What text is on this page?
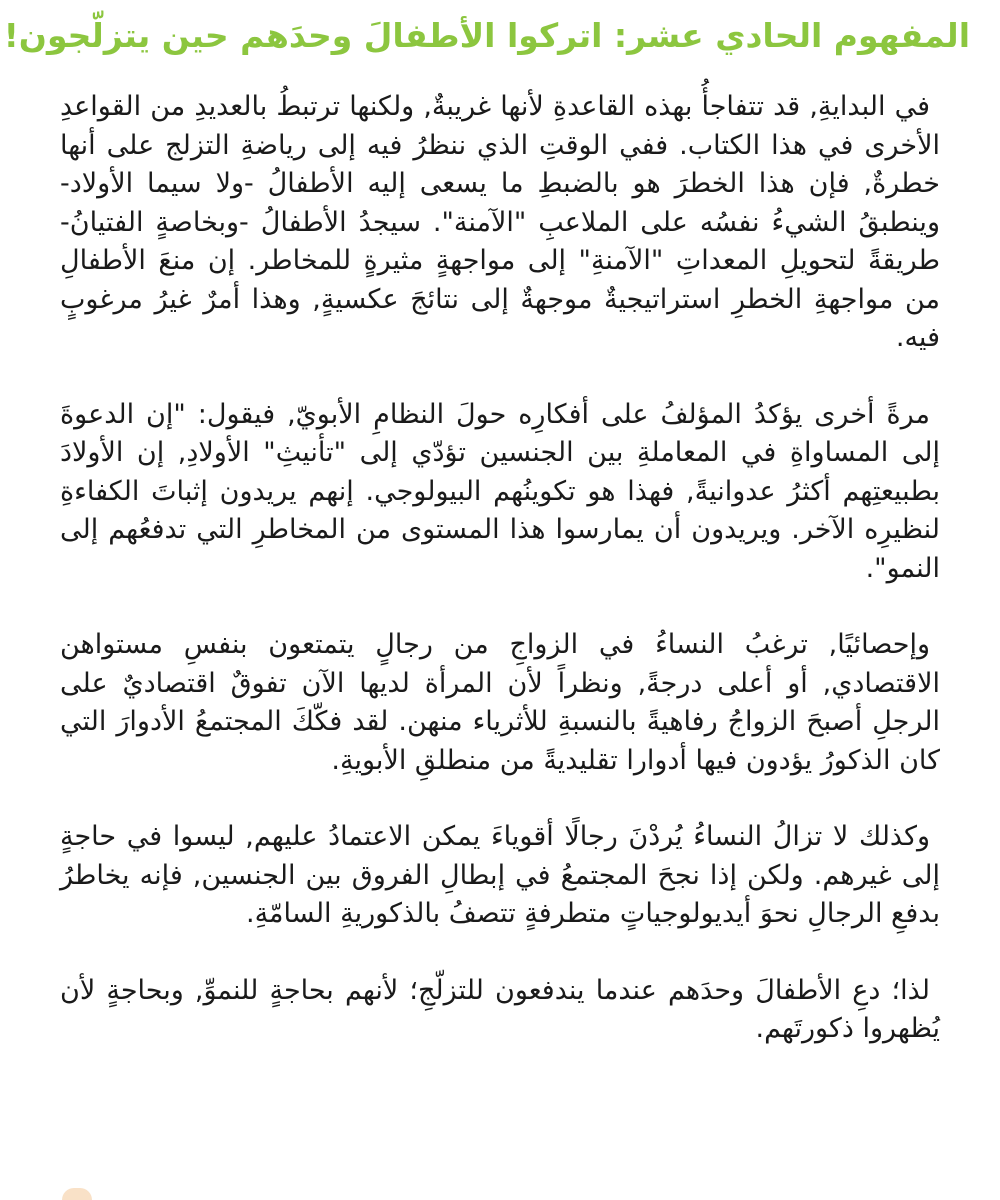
المفهوم الحادي عشر: اتركوا الأطفالَ وحدَهم حين يتزلّجون!

في البدايةِ, قد تتفاجأُ بهذه القاعدةِ لأنها غريبةٌ, ولكنها ترتبطُ بالعديدِ من القواعدِ الأخرى في هذا الكتاب. ففي الوقتِ الذي ننظرُ فيه إلى رياضةِ التزلج على أنها خطرةٌ, فإن هذا الخطرَ هو بالضبطِ ما يسعى إليه الأطفالُ -ولا سيما الأولاد- وينطبقُ الشيءُ نفسُه على الملاعبِ "الآمنة". سيجدُ الأطفالُ -وبخاصةٍ الفتيانُ- طريقةً لتحويلِ المعداتِ "الآمنةِ" إلى مواجهةٍ مثيرةٍ للمخاطر. إن منعَ الأطفالِ من مواجهةِ الخطرِ استراتيجيةٌ موجهةٌ إلى نتائجَ عكسيةٍ, وهذا أمرٌ غيرُ مرغوبٍ فيه.

مرةً أخرى يؤكدُ المؤلفُ على أفكارِه حولَ النظامِ الأبويّ, فيقول: "إن الدعوةَ إلى المساواةِ في المعاملةِ بين الجنسين تؤدّي إلى "تأنيثِ" الأولادِ, إن الأولادَ بطبيعتِهم أكثرُ عدوانيةً, فهذا هو تكوينُهم البيولوجي. إنهم يريدون إثباتَ الكفاءةِ لنظيرِه الآخر. ويريدون أن يمارسوا هذا المستوى من المخاطرِ التي تدفعُهم إلى النمو".

وإحصائيًا, ترغبُ النساءُ في الزواجِ من رجالٍ يتمتعون بنفسِ مستواهن الاقتصادي, أو أعلى درجةً, ونظراً لأن المرأة لديها الآن تفوقٌ اقتصاديٌ على الرجلِ أصبحَ الزواجُ رفاهيةً بالنسبةِ للأثرياء منهن. لقد فكّكَ المجتمعُ الأدوارَ التي كان الذكورُ يؤدون فيها أدوارا تقليديةً من منطلقِ الأبويةِ.

وكذلك لا تزالُ النساءُ يُردْنَ رجالًا أقوياءَ يمكن الاعتمادُ عليهم, ليسوا في حاجةٍ إلى غيرهم. ولكن إذا نجحَ المجتمعُ في إبطالِ الفروق بين الجنسين, فإنه يخاطرُ بدفعِ الرجالِ نحوَ أيديولوجياتٍ متطرفةٍ تتصفُ بالذكوريةِ السامّةِ.

لذا؛ دعِ الأطفالَ وحدَهم عندما يندفعون للتزلّجِ؛ لأنهم بحاجةٍ للنموِّ, وبحاجةٍ لأن يُظهروا ذكورتَهم.
